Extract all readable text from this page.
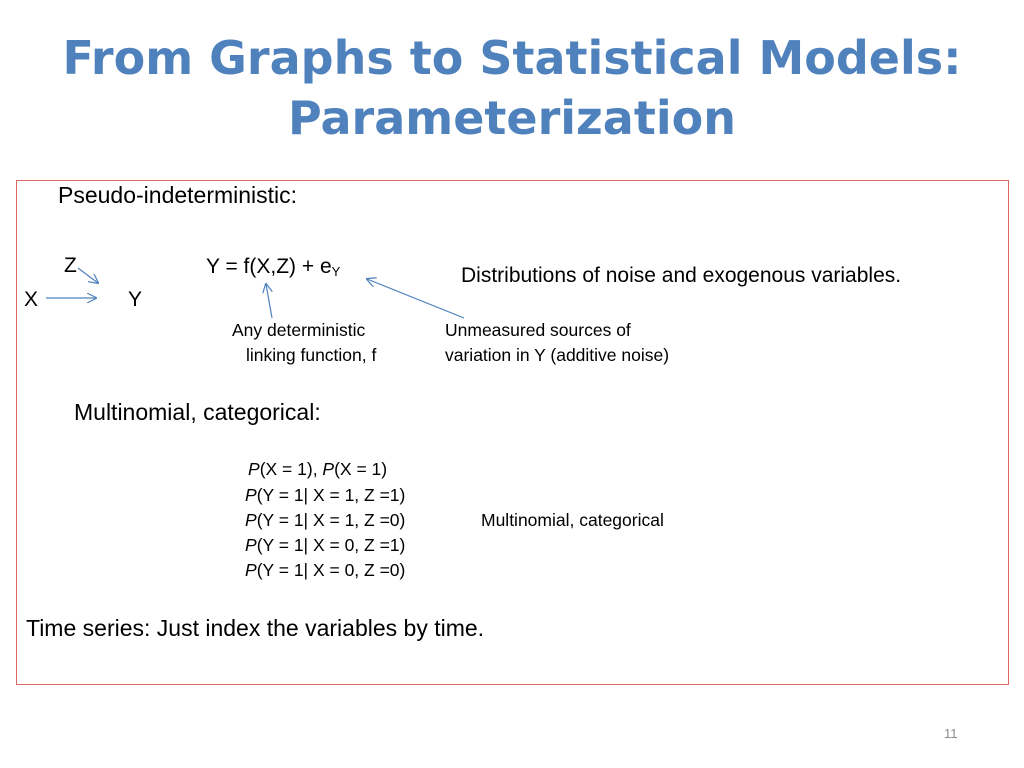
From Graphs to Statistical Models:
Parameterization
Pseudo-indeterministic:
Z
X	Y
$Y = f(X,Z) + e_Y$	Distributions of noise and exogenous variables.
Any deterministic
linking function, f
Unmeasured sources of
variation in Y (additive noise)
Multinomial, categorical:
P(X = 1), P(X = 1)
P(Y = 1| X = 1, Z =1)
P(Y = 1| X = 1, Z =0)
P(Y = 1| X = 0, Z =1)
P(Y = 1| X = 0, Z =0)
Multinomial, categorical
Time series: Just index the variables by time.
11
